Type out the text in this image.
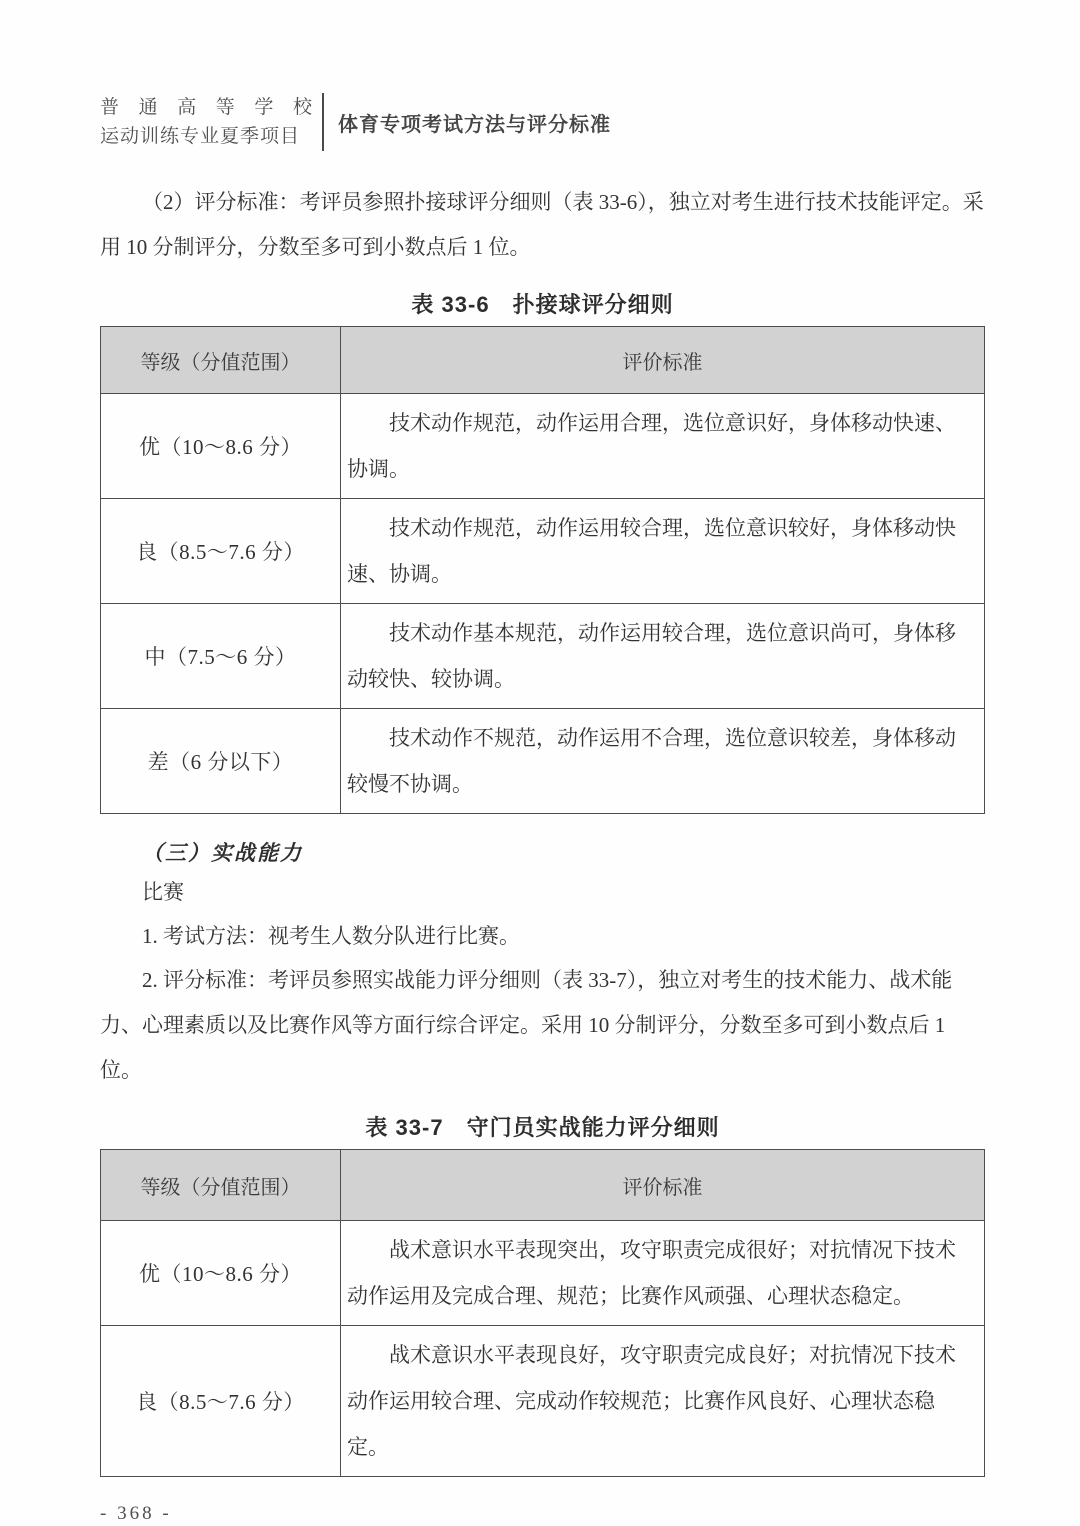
普 通 高 等 学 校
运动训练专业夏季项目
体育专项考试方法与评分标准

（2）评分标准：考评员参照扑接球评分细则（表 33-6），独立对考生进行技术技能评定。采用 10 分制评分，分数至多可到小数点后 1 位。

表 33-6　扑接球评分细则
等级（分值范围）	评价标准
优（10〜8.6 分）	技术动作规范，动作运用合理，选位意识好，身体移动快速、协调。

良（8.5〜7.6 分）	技术动作规范，动作运用较合理，选位意识较好，身体移动快速、协调。

中（7.5〜6 分）	技术动作基本规范，动作运用较合理，选位意识尚可，身体移动较快、较协调。

差（6 分以下）	技术动作不规范，动作运用不合理，选位意识较差，身体移动较慢不协调。
（三）实战能力
比赛
1. 考试方法：视考生人数分队进行比赛。

2. 评分标准：考评员参照实战能力评分细则（表 33-7），独立对考生的技术能力、战术能力、心理素质以及比赛作风等方面行综合评定。采用 10 分制评分，分数至多可到小数点后 1 位。

表 33-7　守门员实战能力评分细则
等级（分值范围）	评价标准
优（10〜8.6 分）	战术意识水平表现突出，攻守职责完成很好；对抗情况下技术动作运用及完成合理、规范；比赛作风顽强、心理状态稳定。

良（8.5〜7.6 分）	战术意识水平表现良好，攻守职责完成良好；对抗情况下技术动作运用较合理、完成动作较规范；比赛作风良好、心理状态稳定。
- 368 -
